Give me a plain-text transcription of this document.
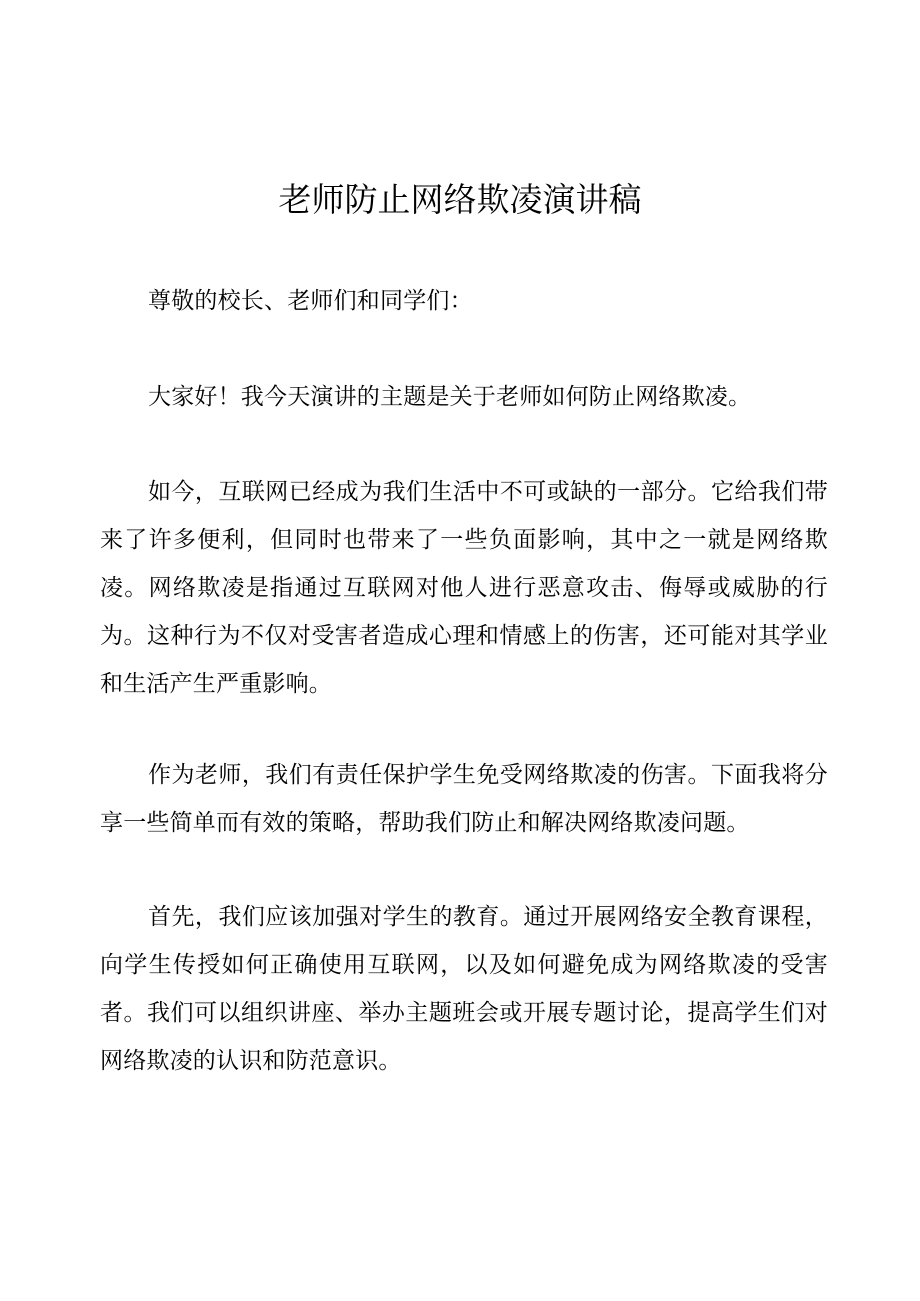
老师防止网络欺凌演讲稿

尊敬的校长、老师们和同学们：

大家好！我今天演讲的主题是关于老师如何防止网络欺凌。

如今，互联网已经成为我们生活中不可或缺的一部分。它给我们带来了许多便利，但同时也带来了一些负面影响，其中之一就是网络欺凌。网络欺凌是指通过互联网对他人进行恶意攻击、侮辱或威胁的行为。这种行为不仅对受害者造成心理和情感上的伤害，还可能对其学业和生活产生严重影响。

作为老师，我们有责任保护学生免受网络欺凌的伤害。下面我将分享一些简单而有效的策略，帮助我们防止和解决网络欺凌问题。

首先，我们应该加强对学生的教育。通过开展网络安全教育课程，向学生传授如何正确使用互联网，以及如何避免成为网络欺凌的受害者。我们可以组织讲座、举办主题班会或开展专题讨论，提高学生们对网络欺凌的认识和防范意识。
